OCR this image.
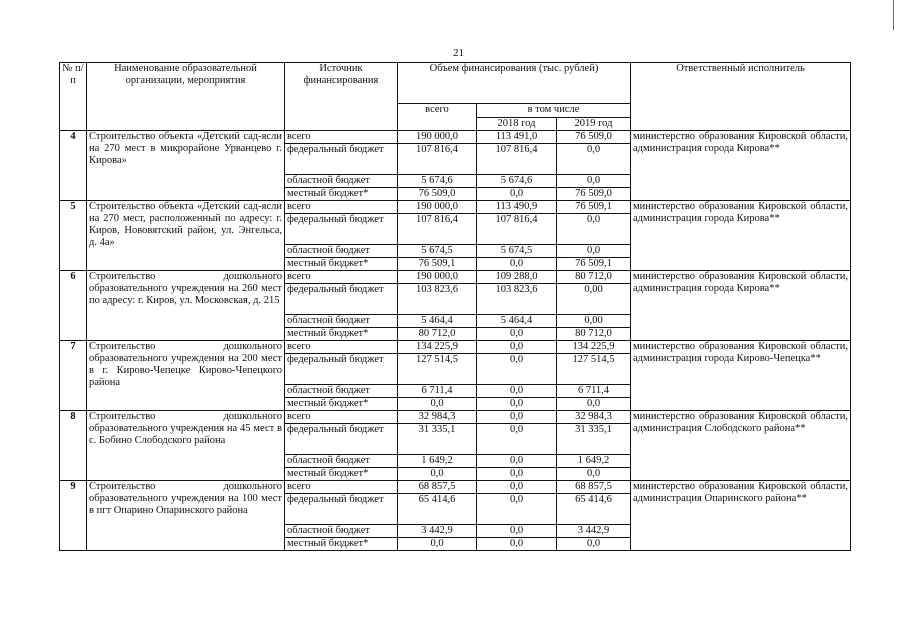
21
№ п/п	Наименование образовательной организации, мероприятия	Источник финансирования	Объем финансирования (тыс. рублей)			Ответственный исполнитель
			всего	в том числе		
				2018 год	2019 год	
4	Строительство объекта «Детский сад-ясли на 270 мест в микрорайоне Урванцево г. Кирова»	всего	190 000,0	113 491,0	76 509,0	министерство образования Кировской области, администрация города Кирова**
		федеральный бюджет	107 816,4	107 816,4	0,0	
		областной бюджет	5 674,6	5 674,6	0,0	
		местный бюджет*	76 509,0	0,0	76 509,0	
5	Строительство объекта «Детский сад-ясли на 270 мест, расположенный по адресу: г. Киров, Нововятский район, ул. Энгельса, д. 4а»	всего	190 000,0	113 490,9	76 509,1	министерство образования Кировской области, администрация города Кирова**
		федеральный бюджет	107 816,4	107 816,4	0,0	
		областной бюджет	5 674,5	5 674,5	0,0	
		местный бюджет*	76 509,1	0,0	76 509,1	
6	Строительство дошкольного образовательного учреждения на 260 мест по адресу: г. Киров, ул. Московская, д. 215	всего	190 000,0	109 288,0	80 712,0	министерство образования Кировской области, администрация города Кирова**
		федеральный бюджет	103 823,6	103 823,6	0,00	
		областной бюджет	5 464,4	5 464,4	0,00	
		местный бюджет*	80 712,0	0,0	80 712,0	
7	Строительство дошкольного образовательного учреждения на 200 мест в г. Кирово-Чепецке Кирово-Чепецкого района	всего	134 225,9	0,0	134 225,9	министерство образования Кировской области, администрация города Кирово-Чепецка**
		федеральный бюджет	127 514,5	0,0	127 514,5	
		областной бюджет	6 711,4	0,0	6 711,4	
		местный бюджет*	0,0	0,0	0,0	
8	Строительство дошкольного образовательного учреждения на 45 мест в с. Бобино Слободского района	всего	32 984,3	0,0	32 984,3	министерство образования Кировской области, администрация Слободского района**
		федеральный бюджет	31 335,1	0,0	31 335,1	
		областной бюджет	1 649,2	0,0	1 649,2	
		местный бюджет*	0,0	0,0	0,0	
9	Строительство дошкольного образовательного учреждения на 100 мест в пгт Опарино Опаринского района	всего	68 857,5	0,0	68 857,5	министерство образования Кировской области, администрация Опаринского района**
		федеральный бюджет	65 414,6	0,0	65 414,6	
		областной бюджет	3 442,9	0,0	3 442,9	
		местный бюджет*	0,0	0,0	0,0	
